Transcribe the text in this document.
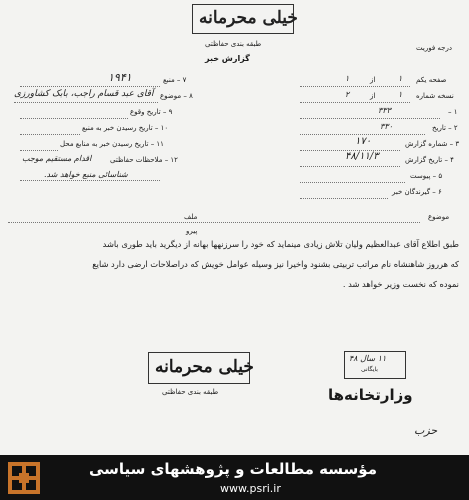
خیلی محرمانه
طبقه بندی حفاظتی
گزارش خبر
درجه فوریت
صفحه یکم
۱
از
۱
نسخه شماره
۱
از
۲
۱ –
۳۳۳
۲ – تاریخ
۳۳۰
۳ – شماره گزارش
۱۷۰
۴ – تاریخ گزارش
۴۸/۱۱/۳
۵ – پیوست
۶ – گیرندگان خبر
۷ – منبع
۱۹۴۱
۸ – موضوع
آقای عبد قسام راجب، بابک کشاورزی
۹ – تاریخ وقوع
۱۰ – تاریخ رسیدن خبر به منبع
۱۱ – تاریخ رسیدن خبر به منابع محل
۱۲ – ملاحظات حفاظتی
اقدام مستقیم موجب
شناسائی منبع خواهد شد.
موضوع
ملف
پیرو
طبق اطلاع آقای عبدالعظیم ولیان تلاش زیادی مینماید که خود را سرزنهها بهانه از دیگرید باید طوری باشد
که هرروز شاهنشاه نام مراتب تربیتی بشنود واخیرا نیز وسیله عوامل خویش که دراصلاحات ارضی دارد شایع
نموده که نخست وزیر خواهد شد .
خیلی محرمانه
طبقه بندی حفاظتی
۱۱ سال ۴۸
بایگانی
وزارتخانه‌ها
حزب
مؤسسه مطالعات و پژوهشهای سیاسی
www.psri.ir
